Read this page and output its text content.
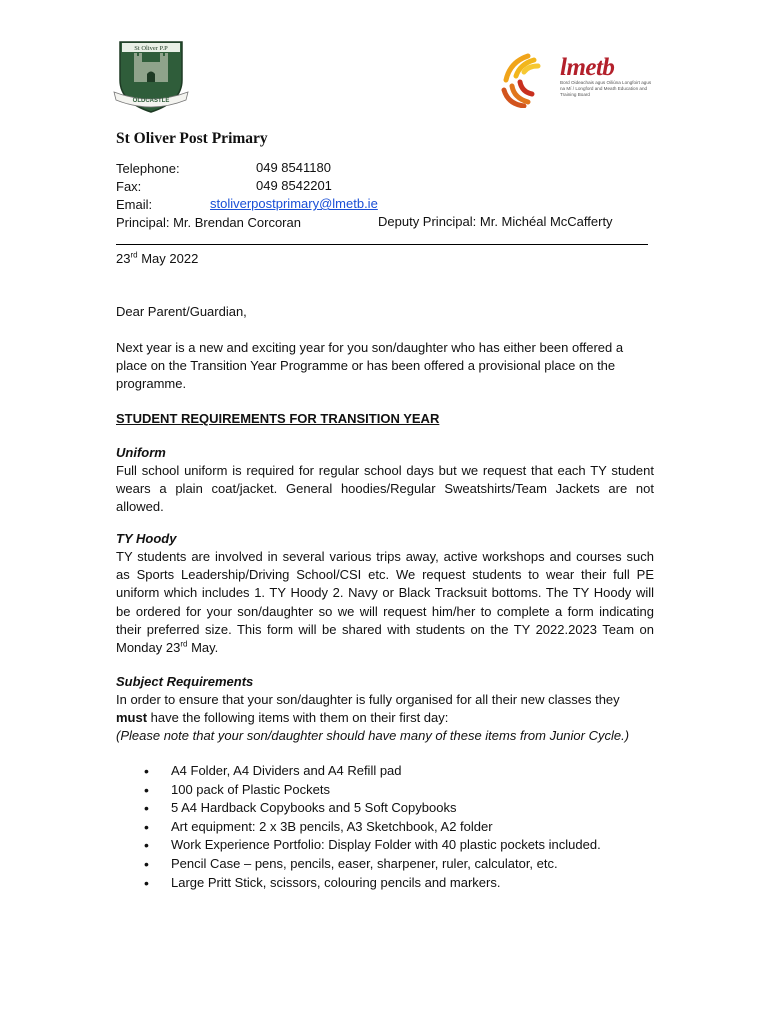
St Oliver P.P
OLDCASTLE
lmetb
Bord Oideachais agus Oiliúna Longfoirt agus na Mí / Longford and Meath Education and Training Board
St Oliver Post Primary
Telephone:	049 8541180
Fax:	049 8542201
Email:	stoliverpostprimary@lmetb.ie
Principal: Mr. Brendan Corcoran	Deputy Principal: Mr. Michéal McCafferty
23rd May 2022
Dear Parent/Guardian,
Next year is a new and exciting year for you son/daughter who has either been offered a place on the Transition Year Programme or has been offered a provisional place on the programme.
STUDENT REQUIREMENTS FOR TRANSITION YEAR
Uniform
Full school uniform is required for regular school days but we request that each TY student wears a plain coat/jacket. General hoodies/Regular Sweatshirts/Team Jackets are not allowed.
TY Hoody
TY students are involved in several various trips away, active workshops and courses such as Sports Leadership/Driving School/CSI etc. We request students to wear their full PE uniform which includes 1. TY Hoody 2. Navy or Black Tracksuit bottoms. The TY Hoody will be ordered for your son/daughter so we will request him/her to complete a form indicating their preferred size. This form will be shared with students on the TY 2022.2023 Team on Monday 23rd May.
Subject Requirements
In order to ensure that your son/daughter is fully organised for all their new classes they must have the following items with them on their first day:
(Please note that your son/daughter should have many of these items from Junior Cycle.)
• A4 Folder, A4 Dividers and A4 Refill pad
• 100 pack of Plastic Pockets
• 5 A4 Hardback Copybooks and 5 Soft Copybooks
• Art equipment: 2 x 3B pencils, A3 Sketchbook, A2 folder
• Work Experience Portfolio: Display Folder with 40 plastic pockets included.
• Pencil Case – pens, pencils, easer, sharpener, ruler, calculator, etc.
• Large Pritt Stick, scissors, colouring pencils and markers.
